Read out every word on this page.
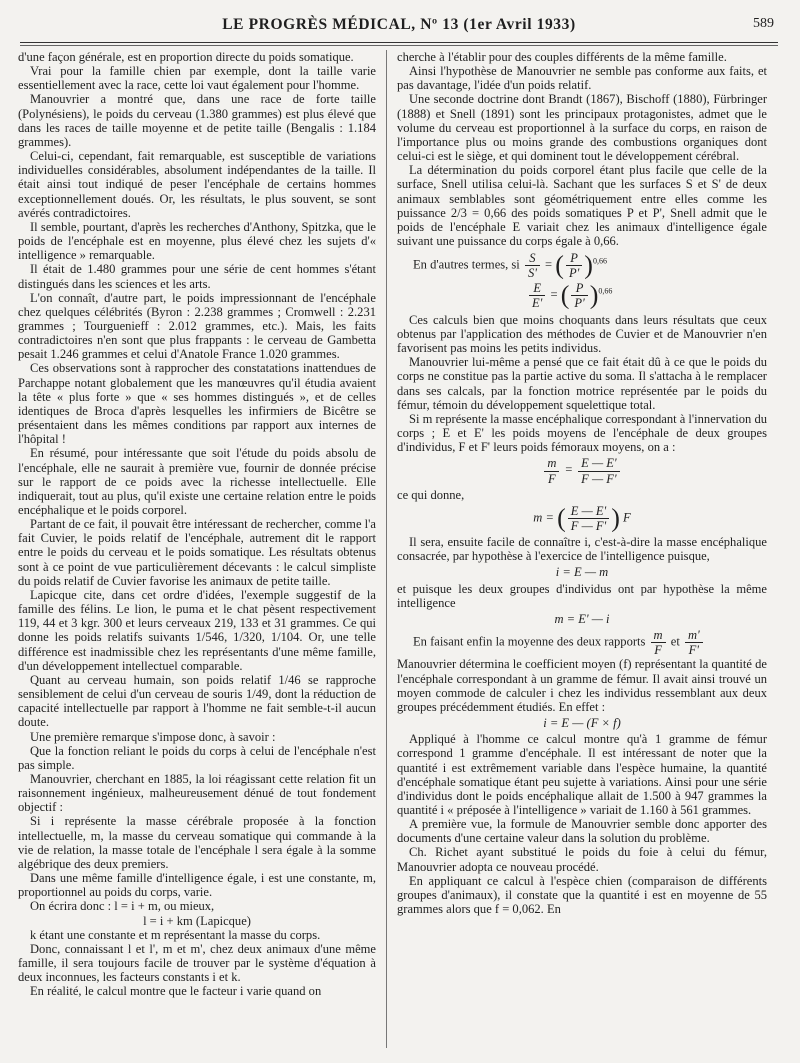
LE PROGRÈS MÉDICAL, Nº 13 (1er Avril 1933)	589

d'une façon générale, est en proportion directe du poids somatique.

Vrai pour la famille chien par exemple, dont la taille varie essentiellement avec la race, cette loi vaut également pour l'homme.

Manouvrier a montré que, dans une race de forte taille (Polynésiens), le poids du cerveau (1.380 grammes) est plus élevé que dans les races de taille moyenne et de petite taille (Bengalis : 1.184 grammes).

Celui-ci, cependant, fait remarquable, est susceptible de variations individuelles considérables, absolument indépendantes de la taille. Il était ainsi tout indiqué de peser l'encéphale de certains hommes exceptionnellement doués. Or, les résultats, le plus souvent, se sont avérés contradictoires.

Il semble, pourtant, d'après les recherches d'Anthony, Spitzka, que le poids de l'encéphale est en moyenne, plus élevé chez les sujets d'« intelligence » remarquable.

Il était de 1.480 grammes pour une série de cent hommes s'étant distingués dans les sciences et les arts.

L'on connaît, d'autre part, le poids impressionnant de l'encéphale chez quelques célébrités (Byron : 2.238 grammes ; Cromwell : 2.231 grammes ; Tourguenieff : 2.012 grammes, etc.). Mais, les faits contradictoires n'en sont que plus frappants : le cerveau de Gambetta pesait 1.246 grammes et celui d'Anatole France 1.020 grammes.

Ces observations sont à rapprocher des constatations inattendues de Parchappe notant globalement que les manœuvres qu'il étudia avaient la tête « plus forte » que « ses hommes distingués », et de celles identiques de Broca d'après lesquelles les infirmiers de Bicêtre se présentaient dans les mêmes conditions par rapport aux internes de l'hôpital !

En résumé, pour intéressante que soit l'étude du poids absolu de l'encéphale, elle ne saurait à première vue, fournir de donnée précise sur le rapport de ce poids avec la richesse intellectuelle. Elle indiquerait, tout au plus, qu'il existe une certaine relation entre le poids encéphalique et le poids corporel.

Partant de ce fait, il pouvait être intéressant de rechercher, comme l'a fait Cuvier, le poids relatif de l'encéphale, autrement dit le rapport entre le poids du cerveau et le poids somatique. Les résultats obtenus sont à ce point de vue particulièrement décevants : le calcul simpliste du poids relatif de Cuvier favorise les animaux de petite taille.

Lapicque cite, dans cet ordre d'idées, l'exemple suggestif de la famille des félins. Le lion, le puma et le chat pèsent respectivement 119, 44 et 3 kgr. 300 et leurs cerveaux 219, 133 et 31 grammes. Ce qui donne les poids relatifs suivants 1/546, 1/320, 1/104. Or, une telle différence est inadmissible chez les représentants d'une même famille, d'un développement intellectuel comparable.

Quant au cerveau humain, son poids relatif 1/46 se rapproche sensiblement de celui d'un cerveau de souris 1/49, dont la réduction de capacité intellectuelle par rapport à l'homme ne fait semble-t-il aucun doute.

Une première remarque s'impose donc, à savoir :

Que la fonction reliant le poids du corps à celui de l'encéphale n'est pas simple.

Manouvrier, cherchant en 1885, la loi réagissant cette relation fit un raisonnement ingénieux, malheureusement dénué de tout fondement objectif :

Si i représente la masse cérébrale proposée à la fonction intellectuelle, m, la masse du cerveau somatique qui commande à la vie de relation, la masse totale de l'encéphale l sera égale à la somme algébrique des deux premiers.

Dans une même famille d'intelligence égale, i est une constante, m, proportionnel au poids du corps, varie.

On écrira donc : l = i + m, ou mieux,

l = i + km (Lapicque)

k étant une constante et m représentant la masse du corps.

Donc, connaissant l et l', m et m', chez deux animaux d'une même famille, il sera toujours facile de trouver par le système d'équation à deux inconnues, les facteurs constants i et k.

En réalité, le calcul montre que le facteur i varie quand on

cherche à l'établir pour des couples différents de la même famille.

Ainsi l'hypothèse de Manouvrier ne semble pas conforme aux faits, et pas davantage, l'idée d'un poids relatif.

Une seconde doctrine dont Brandt (1867), Bischoff (1880), Fürbringer (1888) et Snell (1891) sont les principaux protagonistes, admet que le volume du cerveau est proportionnel à la surface du corps, en raison de l'importance plus ou moins grande des combustions organiques dont celui-ci est le siège, et qui dominent tout le développement cérébral.

La détermination du poids corporel étant plus facile que celle de la surface, Snell utilisa celui-là. Sachant que les surfaces S et S' de deux animaux semblables sont géométriquement entre elles comme les puissance 2/3 = 0,66 des poids somatiques P et P', Snell admit que le poids de l'encéphale E variait chez les animaux d'intelligence égale suivant une puissance du corps égale à 0,66.

En d'autres termes, si $\frac{S}{S'}$ = ( $\frac{P}{P'} )^{0,66}$
$\frac{E}{E'}$ = ( $\frac{P}{P'} )^{0,66}$

Ces calculs bien que moins choquants dans leurs résultats que ceux obtenus par l'application des méthodes de Cuvier et de Manouvrier n'en favorisent pas moins les petits individus.

Manouvrier lui-même a pensé que ce fait était dû à ce que le poids du corps ne constitue pas la partie active du soma. Il s'attacha à le remplacer dans ses calcals, par la fonction motrice représentée par le poids du fémur, témoin du développement squelettique total.

Si m représente la masse encéphalique correspondant à l'innervation du corps ; E et E' les poids moyens de l'encéphale de deux groupes d'individus, F et F' leurs poids fémoraux moyens, on a :

$\frac{m}{F} = \frac{E — E'}{F — F'}$

ce qui donne,

m = ( $\frac{E — E'}{F — F'}$ ) F

Il sera, ensuite facile de connaître i, c'est-à-dire la masse encéphalique consacrée, par hypothèse à l'exercice de l'intelligence puisque,

i = E — m

et puisque les deux groupes d'individus ont par hypothèse la même intelligence

m = E' — i

En faisant enfin la moyenne des deux rapports $\frac{m}{F}$ et $\frac{m'}{F'}$

Manouvrier détermina le coefficient moyen (f) représentant la quantité de l'encéphale correspondant à un gramme de fémur. Il avait ainsi trouvé un moyen commode de calculer i chez les individus ressemblant aux deux groupes précédemment étudiés. En effet :

i = E — (F × f)

Appliqué à l'homme ce calcul montre qu'à 1 gramme de fémur correspond 1 gramme d'encéphale. Il est intéressant de noter que la quantité i est extrêmement variable dans l'espèce humaine, la quantité d'encéphale somatique étant peu sujette à variations. Ainsi pour une série d'individus dont le poids encéphalique allait de 1.500 à 947 grammes la quantité i « préposée à l'intelligence » variait de 1.160 à 561 grammes.

A première vue, la formule de Manouvrier semble donc apporter des documents d'une certaine valeur dans la solution du problème.

Ch. Richet ayant substitué le poids du foie à celui du fémur, Manouvrier adopta ce nouveau procédé.

En appliquant ce calcul à l'espèce chien (comparaison de différents groupes d'animaux), il constate que la quantité i est en moyenne de 55 grammes alors que f = 0,062. En
